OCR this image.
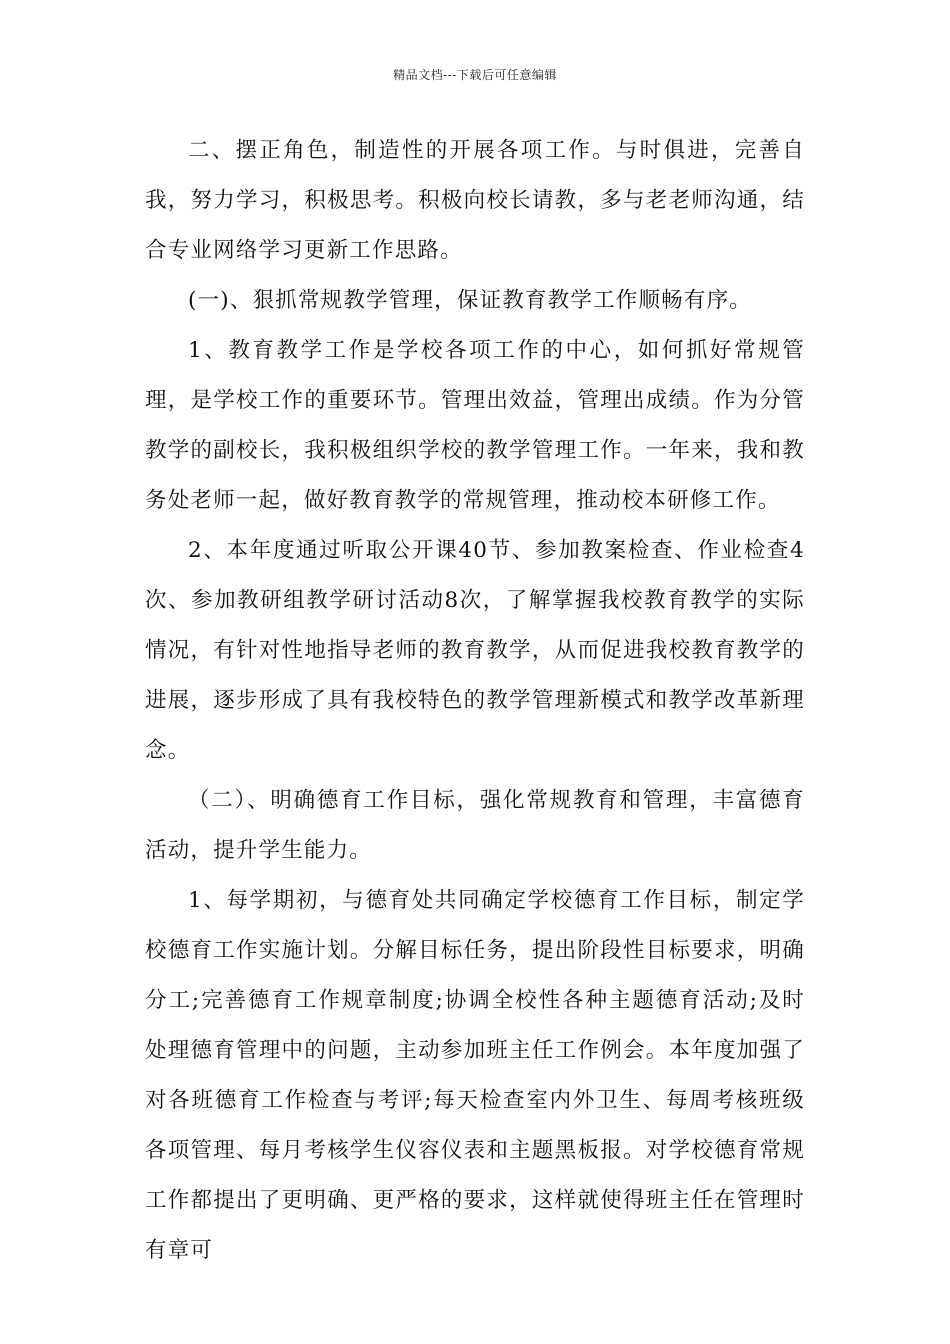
精品文档---下载后可任意编辑

二、摆正角色，制造性的开展各项工作。与时俱进，完善自我，努力学习，积极思考。积极向校长请教，多与老老师沟通，结合专业网络学习更新工作思路。

(一)、狠抓常规教学管理，保证教育教学工作顺畅有序。

1、教育教学工作是学校各项工作的中心，如何抓好常规管理，是学校工作的重要环节。管理出效益，管理出成绩。作为分管教学的副校长，我积极组织学校的教学管理工作。一年来，我和教务处老师一起，做好教育教学的常规管理，推动校本研修工作。

2、本年度通过听取公开课40节、参加教案检查、作业检查4次、参加教研组教学研讨活动8次，了解掌握我校教育教学的实际情况，有针对性地指导老师的教育教学，从而促进我校教育教学的进展，逐步形成了具有我校特色的教学管理新模式和教学改革新理念。

（二）、明确德育工作目标，强化常规教育和管理，丰富德育活动，提升学生能力。

1、每学期初，与德育处共同确定学校德育工作目标，制定学校德育工作实施计划。分解目标任务，提出阶段性目标要求，明确分工;完善德育工作规章制度;协调全校性各种主题德育活动;及时处理德育管理中的问题，主动参加班主任工作例会。本年度加强了对各班德育工作检查与考评;每天检查室内外卫生、每周考核班级各项管理、每月考核学生仪容仪表和主题黑板报。对学校德育常规工作都提出了更明确、更严格的要求，这样就使得班主任在管理时有章可
